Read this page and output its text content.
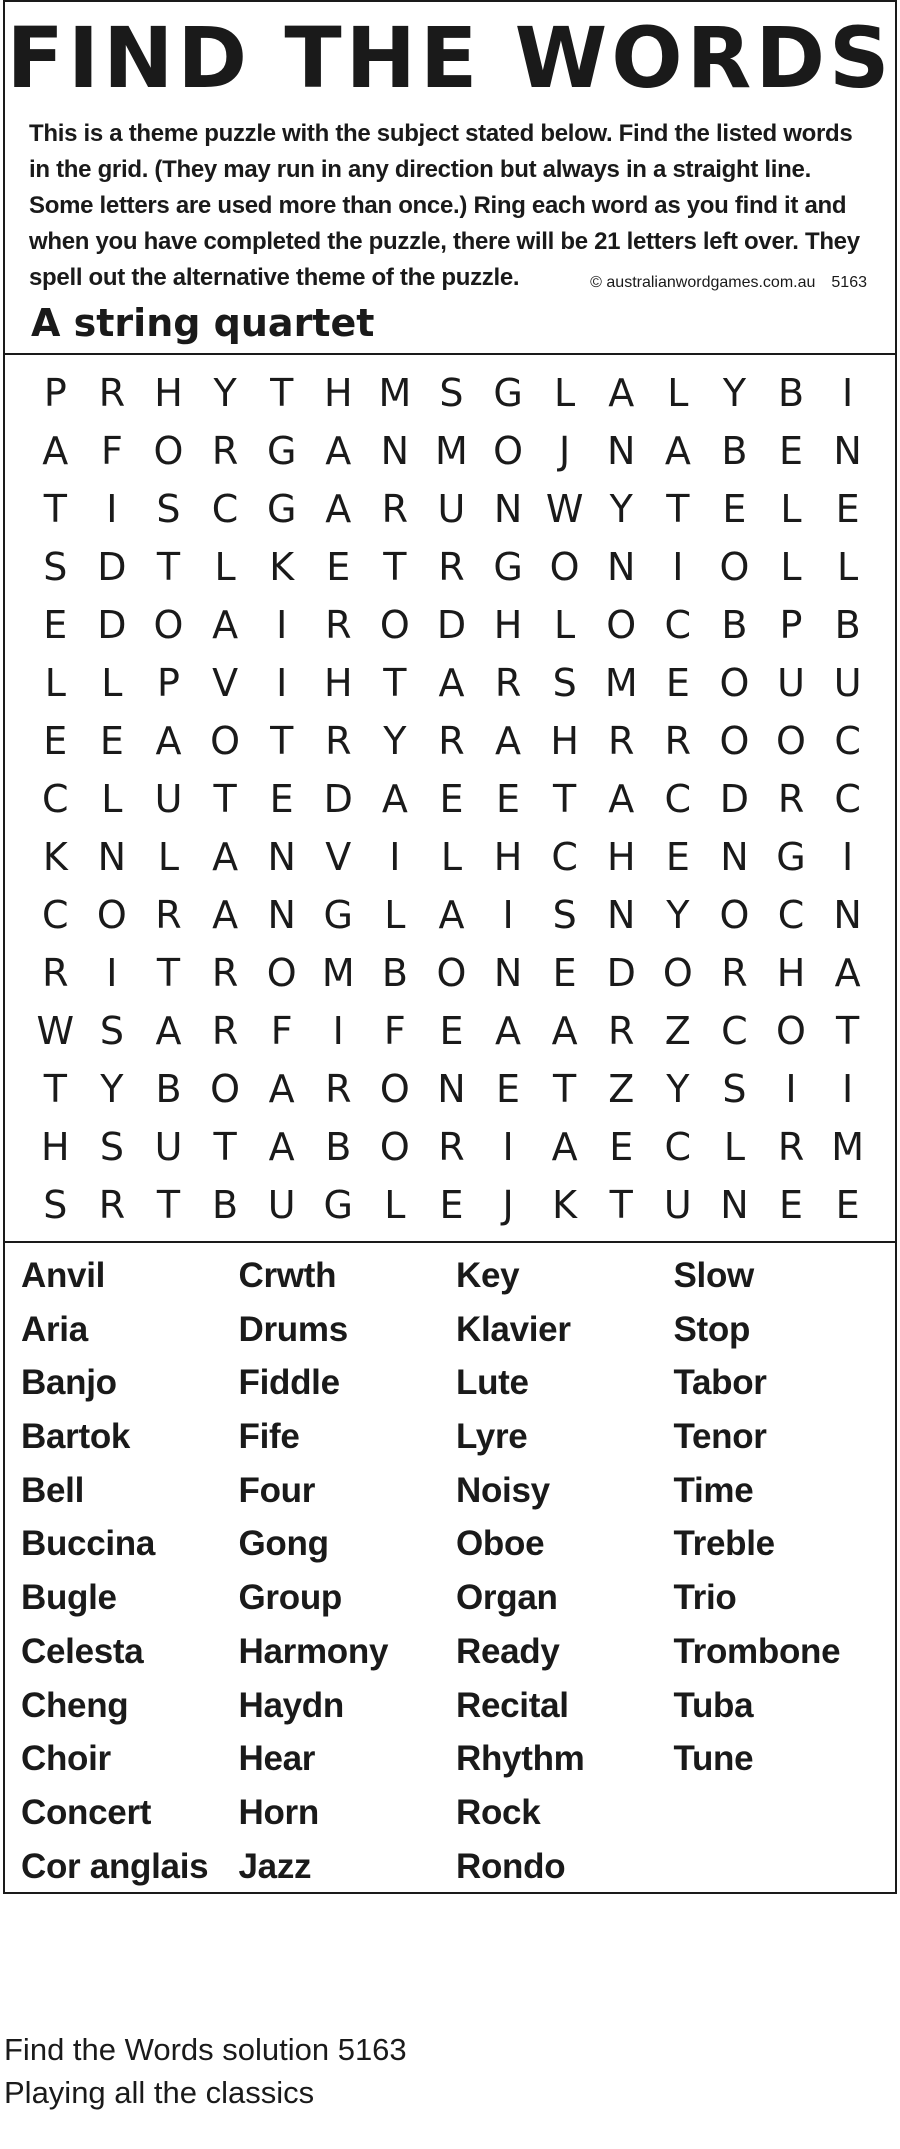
FIND THE WORDS

This is a theme puzzle with the subject stated below. Find the listed words in the grid. (They may run in any direction but always in a straight line. Some letters are used more than once.) Ring each word as you find it and when you have completed the puzzle, there will be 21 letters left over. They spell out the alternative theme of the puzzle.	© australianwordgames.com.au 5163
A string quartet
P R H Y T H M S G L A L Y B I
A F O R G A N M O J N A B E N
T	I	S C G A R U N W Y T E L E
S D T L K E T R G O N I O L L
E D O A I R O D H L O C B P B
L L P V I H T A R S M E O U U
E E A O T R Y R A H R R O O C
C L U T E D A E E T A C D R C
K N L A N V I	L H C H E N G I
C O R A N G L A I	S N Y O C N
R I	T R O M B O N E D O R H A
W S A R F	I	F E A A R Z C O T
T Y B O A R O N E T Z Y S	I	I
H S U T A B O R I A E C L R M
S R T B U G L E	J	K T U N E E
Anvil
Aria
Banjo
Bartok
Bell
Buccina
Bugle
Celesta
Cheng
Choir
Concert
Cor anglais
Crwth
Drums
Fiddle
Fife
Four
Gong
Group
Harmony
Haydn
Hear
Horn
Jazz
Key
Klavier
Lute
Lyre
Noisy
Oboe
Organ
Ready
Recital
Rhythm
Rock
Rondo
Slow
Stop
Tabor
Tenor
Time
Treble
Trio
Trombone
Tuba
Tune
Find the Words solution 5163
Playing all the classics
